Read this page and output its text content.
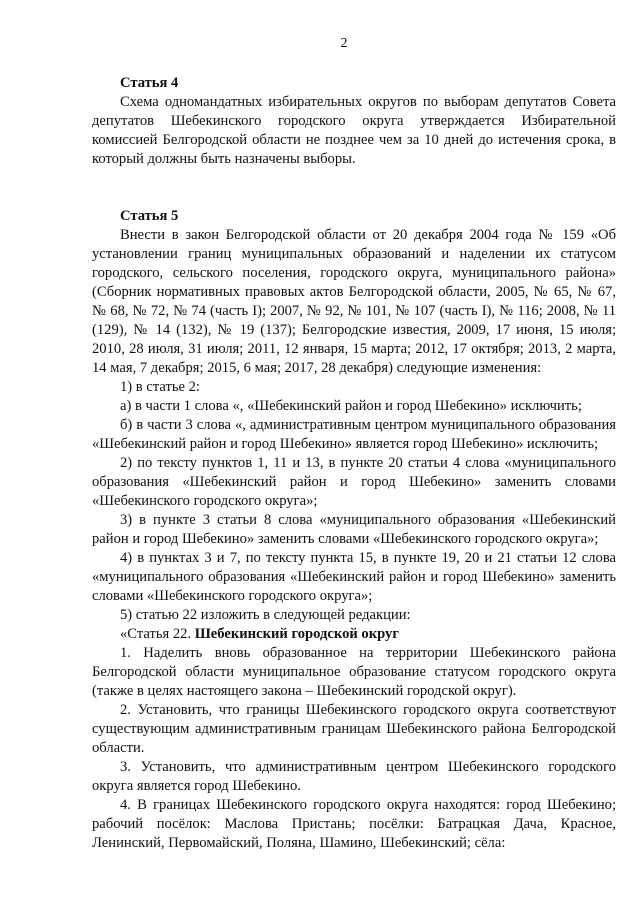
2
Статья 4

Схема одномандатных избирательных округов по выборам депутатов Совета депутатов Шебекинского городского округа утверждается Избирательной комиссией Белгородской области не позднее чем за 10 дней до истечения срока, в который должны быть назначены выборы.

Статья 5

Внести в закон Белгородской области от 20 декабря 2004 года № 159 «Об установлении границ муниципальных образований и наделении их статусом городского, сельского поселения, городского округа, муниципального района» (Сборник нормативных правовых актов Белгородской области, 2005, № 65, № 67, № 68, № 72, № 74 (часть I); 2007, № 92, № 101, № 107 (часть I), № 116; 2008, № 11 (129), № 14 (132), № 19 (137); Белгородские известия, 2009, 17 июня, 15 июля; 2010, 28 июля, 31 июля; 2011, 12 января, 15 марта; 2012, 17 октября; 2013, 2 марта, 14 мая, 7 декабря; 2015, 6 мая; 2017, 28 декабря) следующие изменения:

1) в статье 2:

а) в части 1 слова «, «Шебекинский район и город Шебекино» исключить;

б) в части 3 слова «, административным центром муниципального образования «Шебекинский район и город Шебекино» является город Шебекино» исключить;

2) по тексту пунктов 1, 11 и 13, в пункте 20 статьи 4 слова «муниципального образования «Шебекинский район и город Шебекино» заменить словами «Шебекинского городского округа»;

3) в пункте 3 статьи 8 слова «муниципального образования «Шебекинский район и город Шебекино» заменить словами «Шебекинского городского округа»;

4) в пунктах 3 и 7, по тексту пункта 15, в пункте 19, 20 и 21 статьи 12 слова «муниципального образования «Шебекинский район и город Шебекино» заменить словами «Шебекинского городского округа»;

5) статью 22 изложить в следующей редакции:

«Статья 22. Шебекинский городской округ

1. Наделить вновь образованное на территории Шебекинского района Белгородской области муниципальное образование статусом городского округа (также в целях настоящего закона – Шебекинский городской округ).

2. Установить, что границы Шебекинского городского округа соответствуют существующим административным границам Шебекинского района Белгородской области.

3. Установить, что административным центром Шебекинского городского округа является город Шебекино.

4. В границах Шебекинского городского округа находятся: город Шебекино; рабочий посёлок: Маслова Пристань; посёлки: Батрацкая Дача, Красное, Ленинский, Первомайский, Поляна, Шамино, Шебекинский; сёла:
